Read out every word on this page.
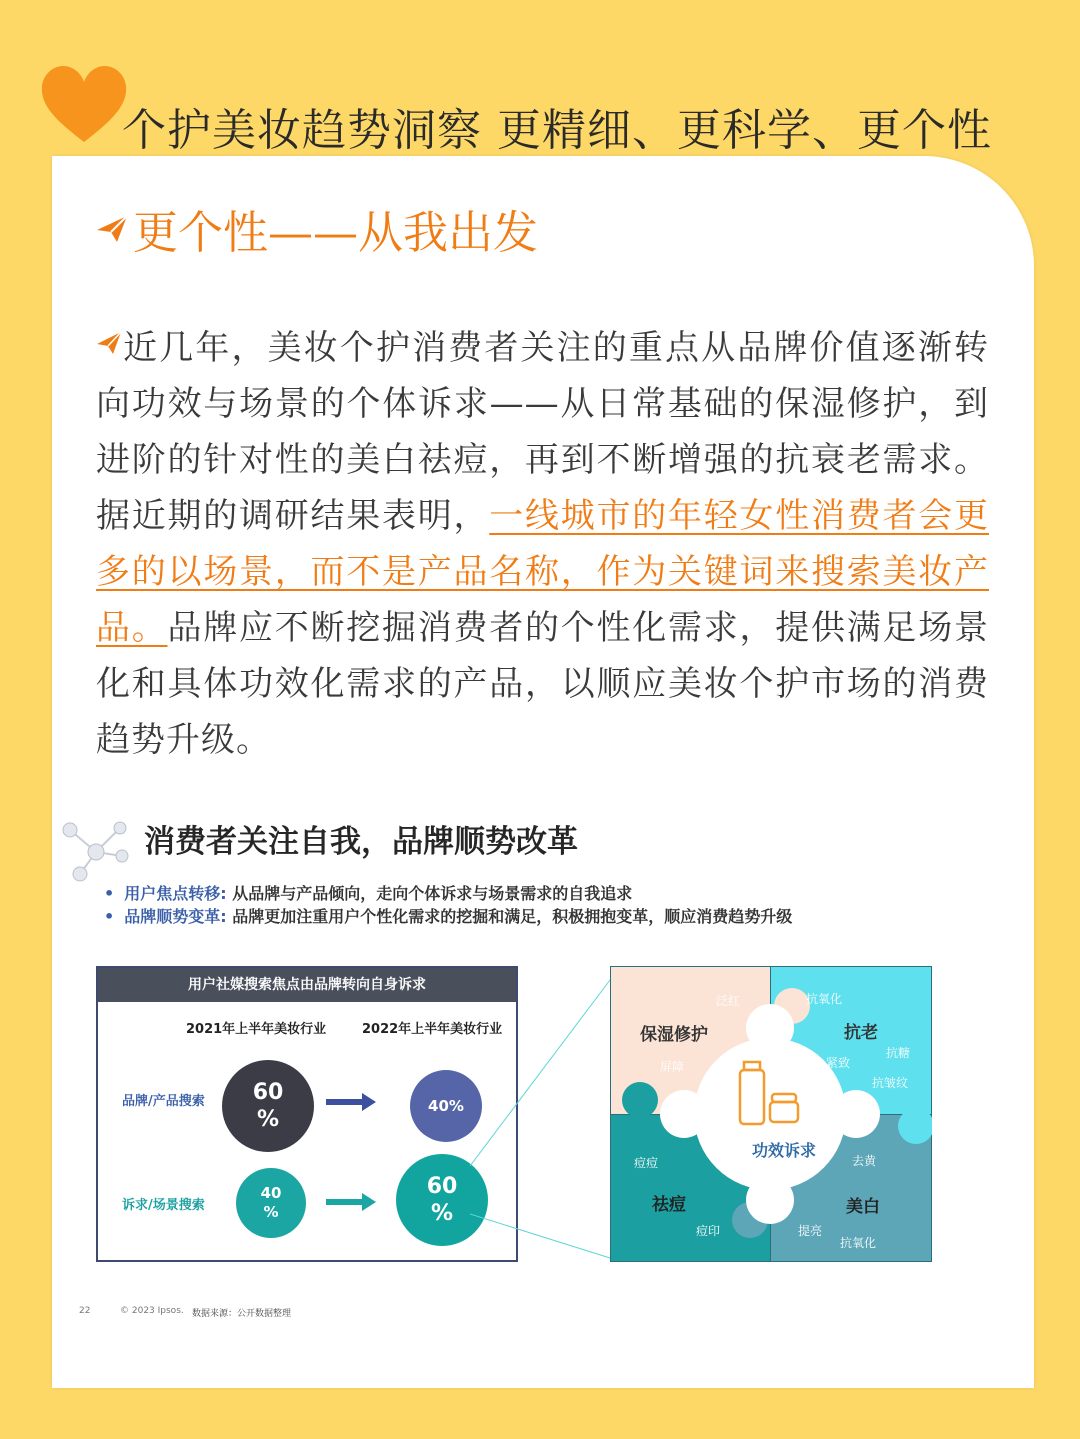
个护美妆趋势洞察 更精细、更科学、更个性
更个性——从我出发
近几年，美妆个护消费者关注的重点从品牌价值逐渐转向功效与场景的个体诉求——从日常基础的保湿修护，到进阶的针对性的美白祛痘，再到不断增强的抗衰老需求。据近期的调研结果表明，一线城市的年轻女性消费者会更多的以场景，而不是产品名称，作为关键词来搜索美妆产品。品牌应不断挖掘消费者的个性化需求，提供满足场景化和具体功效化需求的产品，以顺应美妆个护市场的消费趋势升级。
消费者关注自我，品牌顺势改革
• 用户焦点转移: 从品牌与产品倾向，走向个体诉求与场景需求的自我追求
• 品牌顺势变革: 品牌更加注重用户个性化需求的挖掘和满足，积极拥抱变革，顺应消费趋势升级
用户社媒搜索焦点由品牌转向自身诉求
2021年上半年美妆行业	2022年上半年美妆行业
品牌/产品搜索
诉求/场景搜索
60
%
40%
40
%
60
%
功效诉求
保湿修护
泛红
屏障
抗老
抗氧化
紧致
抗糖
抗皱纹
祛痘
痘痘
痘印
美白
去黄
提亮
抗氧化
22	© 2023 Ipsos. 数据来源：公开数据整理
